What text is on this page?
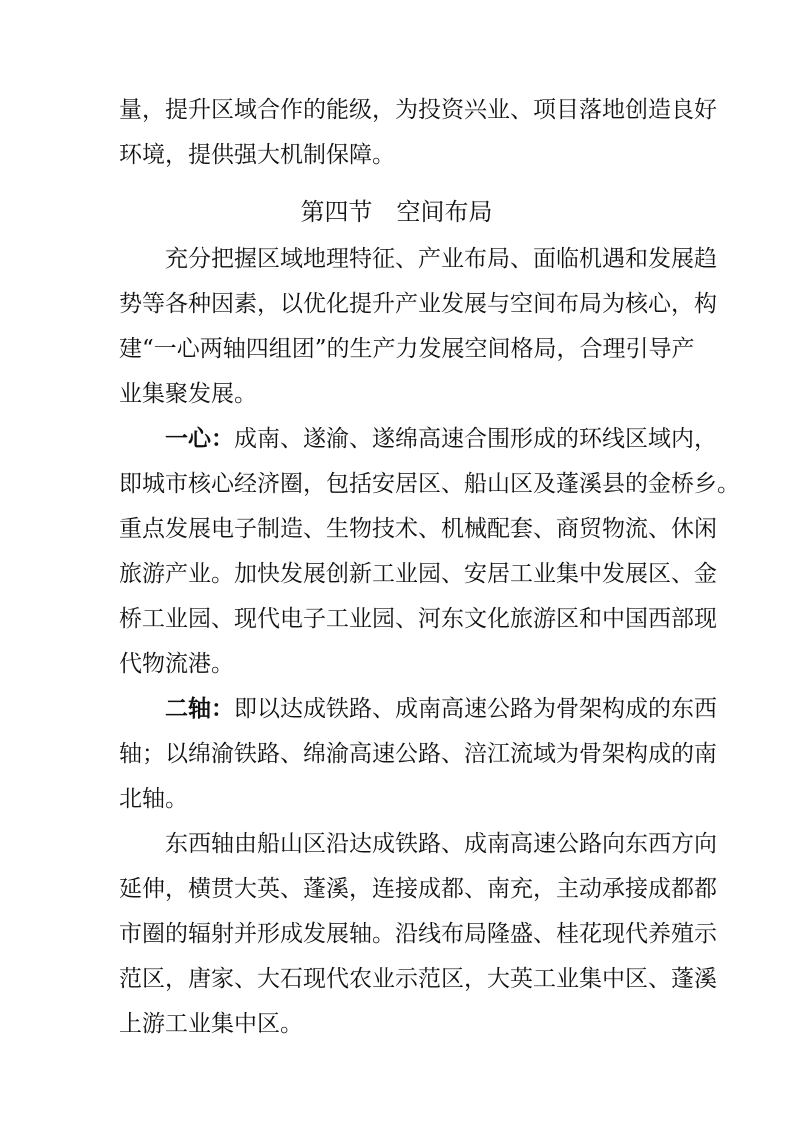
量，提升区域合作的能级，为投资兴业、项目落地创造良好
环境，提供强大机制保障。
第四节　空间布局
充分把握区域地理特征、产业布局、面临机遇和发展趋
势等各种因素，以优化提升产业发展与空间布局为核心，构
建“一心两轴四组团”的生产力发展空间格局，合理引导产
业集聚发展。
一心：成南、遂渝、遂绵高速合围形成的环线区域内，
即城市核心经济圈，包括安居区、船山区及蓬溪县的金桥乡。
重点发展电子制造、生物技术、机械配套、商贸物流、休闲
旅游产业。加快发展创新工业园、安居工业集中发展区、金
桥工业园、现代电子工业园、河东文化旅游区和中国西部现
代物流港。
二轴：即以达成铁路、成南高速公路为骨架构成的东西
轴；以绵渝铁路、绵渝高速公路、涪江流域为骨架构成的南
北轴。
东西轴由船山区沿达成铁路、成南高速公路向东西方向
延伸，横贯大英、蓬溪，连接成都、南充，主动承接成都都
市圈的辐射并形成发展轴。沿线布局隆盛、桂花现代养殖示
范区，唐家、大石现代农业示范区，大英工业集中区、蓬溪
上游工业集中区。
